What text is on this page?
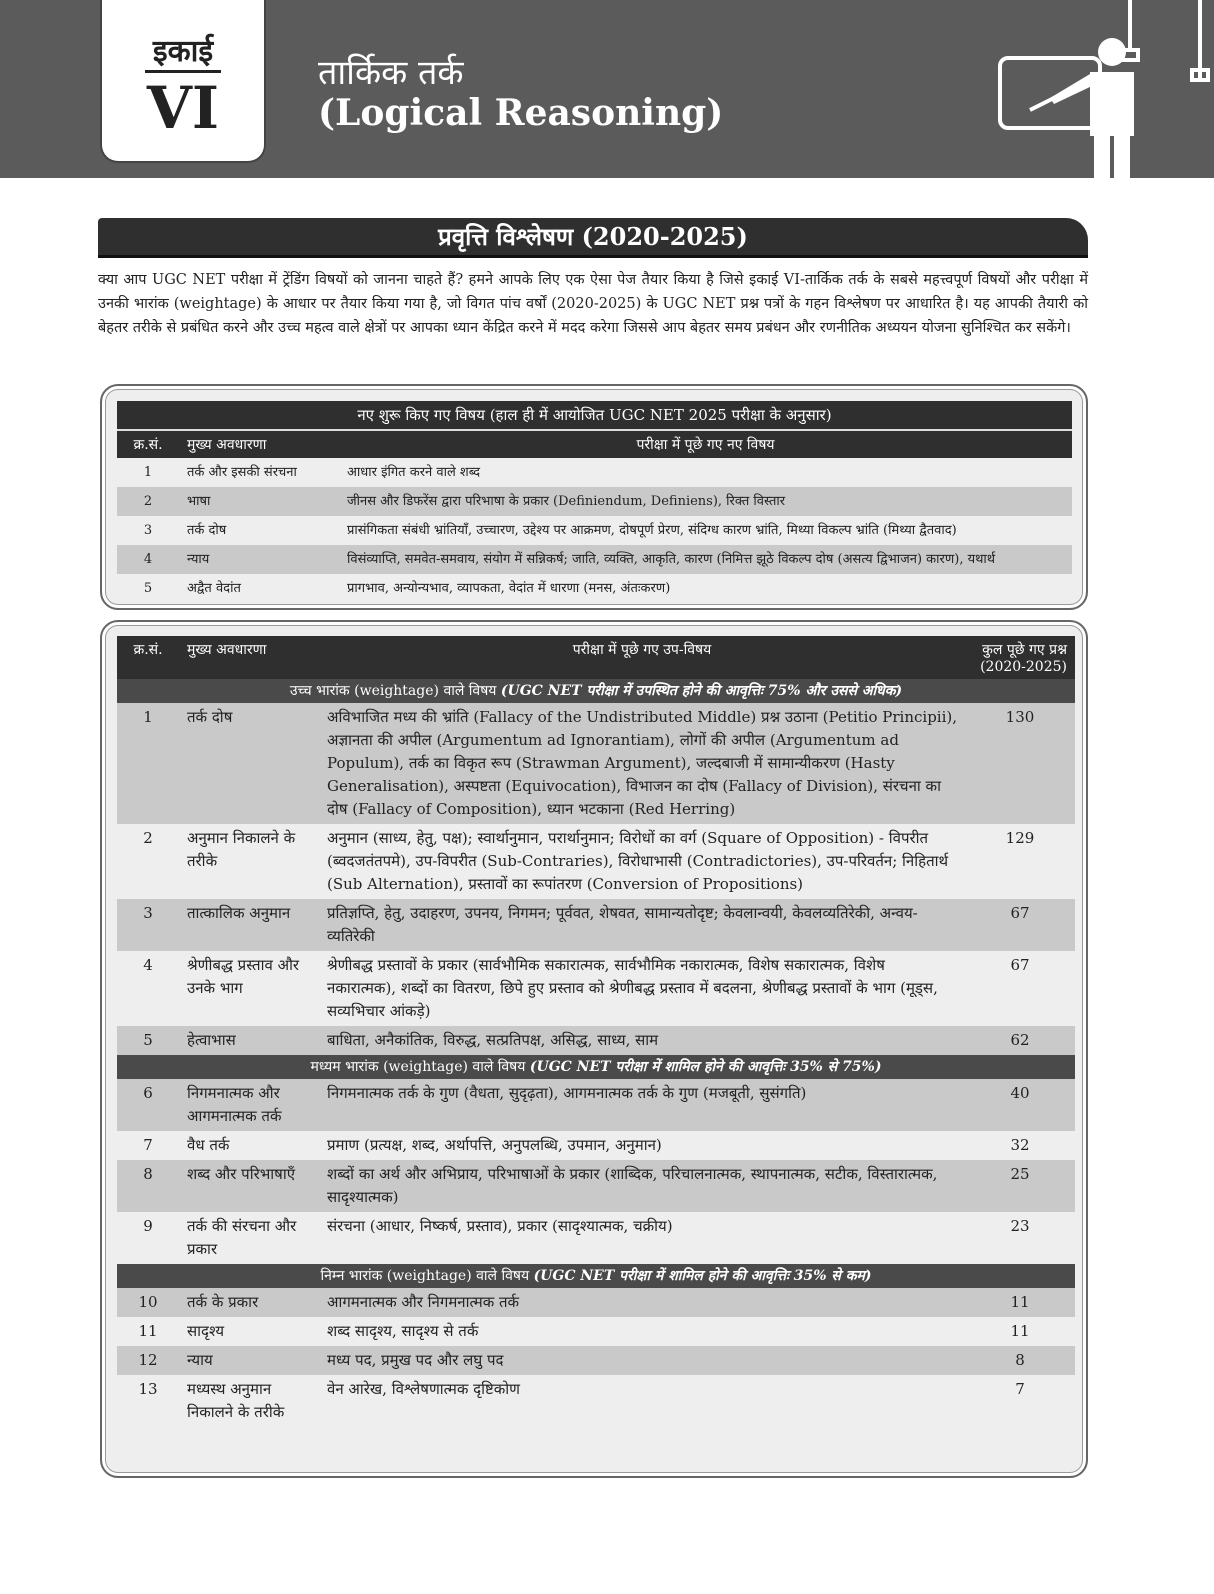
इकाई
VI
तार्किक तर्क
(Logical Reasoning)
प्रवृत्ति विश्लेषण (2020-2025)

क्या आप UGC NET परीक्षा में ट्रेंडिंग विषयों को जानना चाहते हैं? हमने आपके लिए एक ऐसा पेज तैयार किया है जिसे इकाई VI-तार्किक तर्क के सबसे महत्त्वपूर्ण विषयों और परीक्षा में उनकी भारांक (weightage) के आधार पर तैयार किया गया है, जो विगत पांच वर्षों (2020-2025) के UGC NET प्रश्न पत्रों के गहन विश्लेषण पर आधारित है। यह आपकी तैयारी को बेहतर तरीके से प्रबंधित करने और उच्च महत्व वाले क्षेत्रों पर आपका ध्यान केंद्रित करने में मदद करेगा जिससे आप बेहतर समय प्रबंधन और रणनीतिक अध्ययन योजना सुनिश्चित कर सकेंगे।

नए शुरू किए गए विषय (हाल ही में आयोजित UGC NET 2025 परीक्षा के अनुसार)		
क्र.सं.	मुख्य अवधारणा	परीक्षा में पूछे गए नए विषय
1	तर्क और इसकी संरचना	आधार इंगित करने वाले शब्द
2	भाषा	जीनस और डिफरेंस द्वारा परिभाषा के प्रकार (Definiendum, Definiens), रिक्त विस्तार
3	तर्क दोष	प्रासंगिकता संबंधी भ्रांतियाँ, उच्चारण, उद्देश्य पर आक्रमण, दोषपूर्ण प्रेरण, संदिग्ध कारण भ्रांति, मिथ्या विकल्प भ्रांति (मिथ्या द्वैतवाद)
4	न्याय	विसंव्याप्ति, समवेत-समवाय, संयोग में सन्निकर्ष; जाति, व्यक्ति, आकृति, कारण (निमित्त झूठे विकल्प दोष (असत्य द्विभाजन) कारण), यथार्थ
5	अद्वैत वेदांत	प्रागभाव, अन्योन्यभाव, व्यापकता, वेदांत में धारणा (मनस, अंतःकरण)
क्र.सं.	मुख्य अवधारणा	परीक्षा में पूछे गए उप-विषय	कुल पूछे गए प्रश्न
(2020-2025)

उच्च भारांक (weightage) वाले विषय (UGC NET परीक्षा में उपस्थित होने की आवृत्तिः 75% और उससे अधिक)			
1	तर्क दोष	अविभाजित मध्य की भ्रांति (Fallacy of the Undistributed Middle) प्रश्न उठाना (Petitio Principii), अज्ञानता की अपील (Argumentum ad Ignorantiam), लोगों की अपील (Argumentum ad Populum), तर्क का विकृत रूप (Strawman Argument), जल्दबाजी में सामान्यीकरण (Hasty Generalisation), अस्पष्टता (Equivocation), विभाजन का दोष (Fallacy of Division), संरचना का दोष (Fallacy of Composition), ध्यान भटकाना (Red Herring)	130
2	अनुमान निकालने के तरीके	अनुमान (साध्य, हेतु, पक्ष); स्वार्थानुमान, परार्थानुमान; विरोधों का वर्ग (Square of Opposition) - विपरीत (ब्वदजतंतपमे), उप-विपरीत (Sub-Contraries), विरोधाभासी (Contradictories), उप-परिवर्तन; निहितार्थ (Sub Alternation), प्रस्तावों का रूपांतरण (Conversion of Propositions)	129
3	तात्कालिक अनुमान	प्रतिज्ञप्ति, हेतु, उदाहरण, उपनय, निगमन; पूर्ववत, शेषवत, सामान्यतोदृष्ट; केवलान्वयी, केवलव्यतिरेकी, अन्वय-व्यतिरेकी	67
4	श्रेणीबद्ध प्रस्ताव और उनके भाग	श्रेणीबद्ध प्रस्तावों के प्रकार (सार्वभौमिक सकारात्मक, सार्वभौमिक नकारात्मक, विशेष सकारात्मक, विशेष नकारात्मक), शब्दों का वितरण, छिपे हुए प्रस्ताव को श्रेणीबद्ध प्रस्ताव में बदलना, श्रेणीबद्ध प्रस्तावों के भाग (मूड्स, सव्यभिचार आंकड़े)	67
5	हेत्वाभास	बाधिता, अनैकांतिक, विरुद्ध, सत्प्रतिपक्ष, असिद्ध, साध्य, साम	62
मध्यम भारांक (weightage) वाले विषय (UGC NET परीक्षा में शामिल होने की आवृत्तिः 35% से 75%)			
6	निगमनात्मक और आगमनात्मक तर्क	निगमनात्मक तर्क के गुण (वैधता, सुदृढ़ता), आगमनात्मक तर्क के गुण (मजबूती, सुसंगति)	40
7	वैध तर्क	प्रमाण (प्रत्यक्ष, शब्द, अर्थापत्ति, अनुपलब्धि, उपमान, अनुमान)	32
8	शब्द और परिभाषाएँ	शब्दों का अर्थ और अभिप्राय, परिभाषाओं के प्रकार (शाब्दिक, परिचालनात्मक, स्थापनात्मक, सटीक, विस्तारात्मक, सादृश्यात्मक)	25
9	तर्क की संरचना और प्रकार	संरचना (आधार, निष्कर्ष, प्रस्ताव), प्रकार (सादृश्यात्मक, चक्रीय)	23
निम्न भारांक (weightage) वाले विषय (UGC NET परीक्षा में शामिल होने की आवृत्तिः 35% से कम)			
10	तर्क के प्रकार	आगमनात्मक और निगमनात्मक तर्क	11
11	सादृश्य	शब्द सादृश्य, सादृश्य से तर्क	11
12	न्याय	मध्य पद, प्रमुख पद और लघु पद	8
13	मध्यस्थ अनुमान निकालने के तरीके	वेन आरेख, विश्लेषणात्मक दृष्टिकोण	7
